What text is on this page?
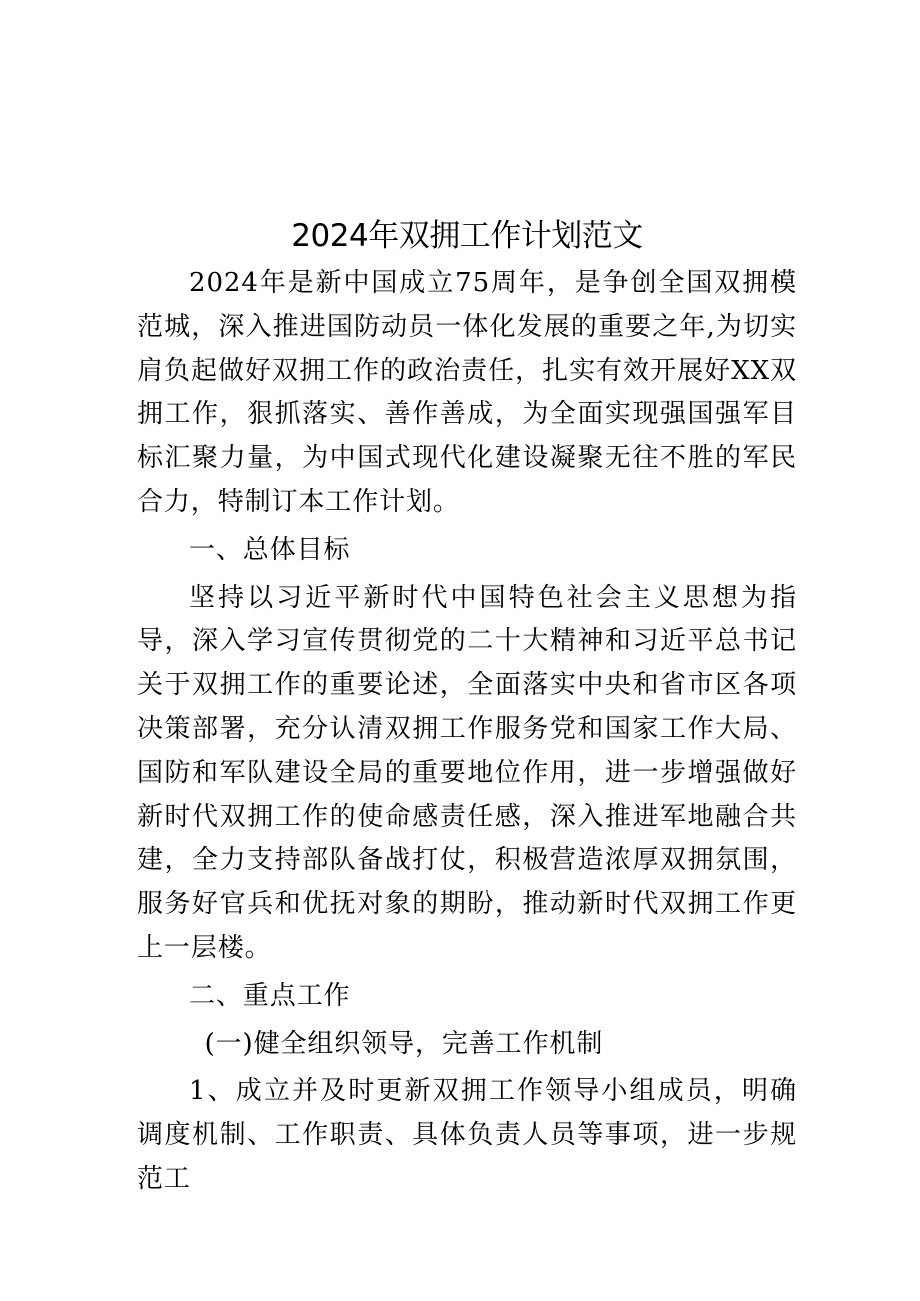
2024年双拥工作计划范文

2024年是新中国成立75周年，是争创全国双拥模范城，深入推进国防动员一体化发展的重要之年,为切实肩负起做好双拥工作的政治责任，扎实有效开展好XX双拥工作，狠抓落实、善作善成，为全面实现强国强军目标汇聚力量，为中国式现代化建设凝聚无往不胜的军民合力，特制订本工作计划。

一、总体目标

坚持以习近平新时代中国特色社会主义思想为指导，深入学习宣传贯彻党的二十大精神和习近平总书记关于双拥工作的重要论述，全面落实中央和省市区各项决策部署，充分认清双拥工作服务党和国家工作大局、国防和军队建设全局的重要地位作用，进一步增强做好新时代双拥工作的使命感责任感，深入推进军地融合共建，全力支持部队备战打仗，积极营造浓厚双拥氛围，服务好官兵和优抚对象的期盼，推动新时代双拥工作更上一层楼。

二、重点工作

(一)健全组织领导，完善工作机制

1、成立并及时更新双拥工作领导小组成员，明确调度机制、工作职责、具体负责人员等事项，进一步规范工
